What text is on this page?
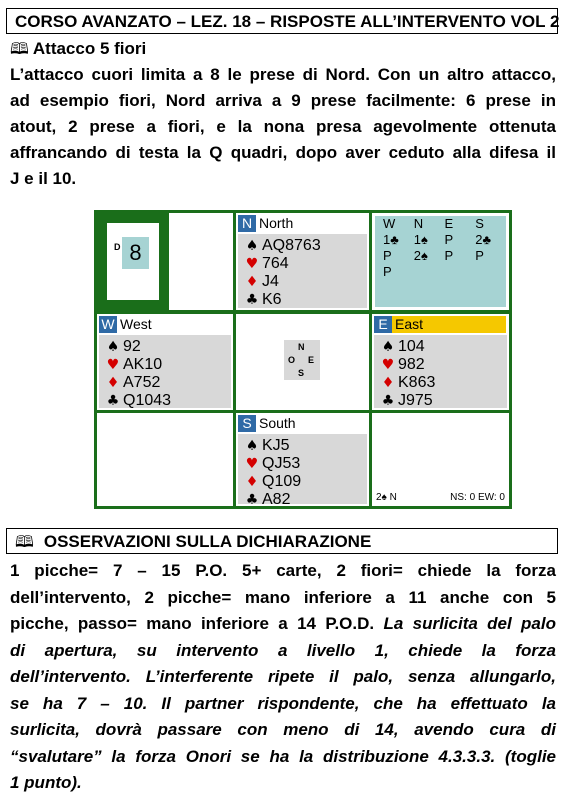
CORSO AVANZATO – LEZ. 18 – RISPOSTE ALL’INTERVENTO VOL 2
🕮 Attacco 5 fiori
L’attacco cuori limita a 8 le prese di Nord. Con un altro attacco,
ad esempio fiori, Nord arriva a 9 prese facilmente: 6 prese in
atout, 2 prese a fiori, e la nona presa agevolmente ottenuta
affrancando di testa la Q quadri, dopo aver ceduto alla difesa il
J e il 10.
D 8
N North
♠ AQ8763
♥ 764
♦ J4
♣ K6
W	N	E	S
1♣	1♠	P	2♣
P	2♠	P	P
P
W West
♠ 92
♥ AK10
♦ A752
♣ Q1043
N
O E
S
E East
♠ 104
♥ 982
♦ K863
♣ J975
S South
♠ KJ5
♥ QJ53
♦ Q109
♣ A82	2♠ N	NS: 0 EW: 0
🕮 OSSERVAZIONI SULLA DICHIARAZIONE
1 picche= 7 – 15 P.O. 5+ carte, 2 fiori= chiede la forza
dell’intervento, 2 picche= mano inferiore a 11 anche con 5
picche, passo= mano inferiore a 14 P.O.D. La surlicita del palo
di apertura, su intervento a livello 1, chiede la forza
dell’intervento. L’interferente ripete il palo, senza allungarlo,
se ha 7 – 10. Il partner rispondente, che ha effettuato la
surlicita, dovrà passare con meno di 14, avendo cura di
“svalutare” la forza Onori se ha la distribuzione 4.3.3.3. (toglie
1 punto).
